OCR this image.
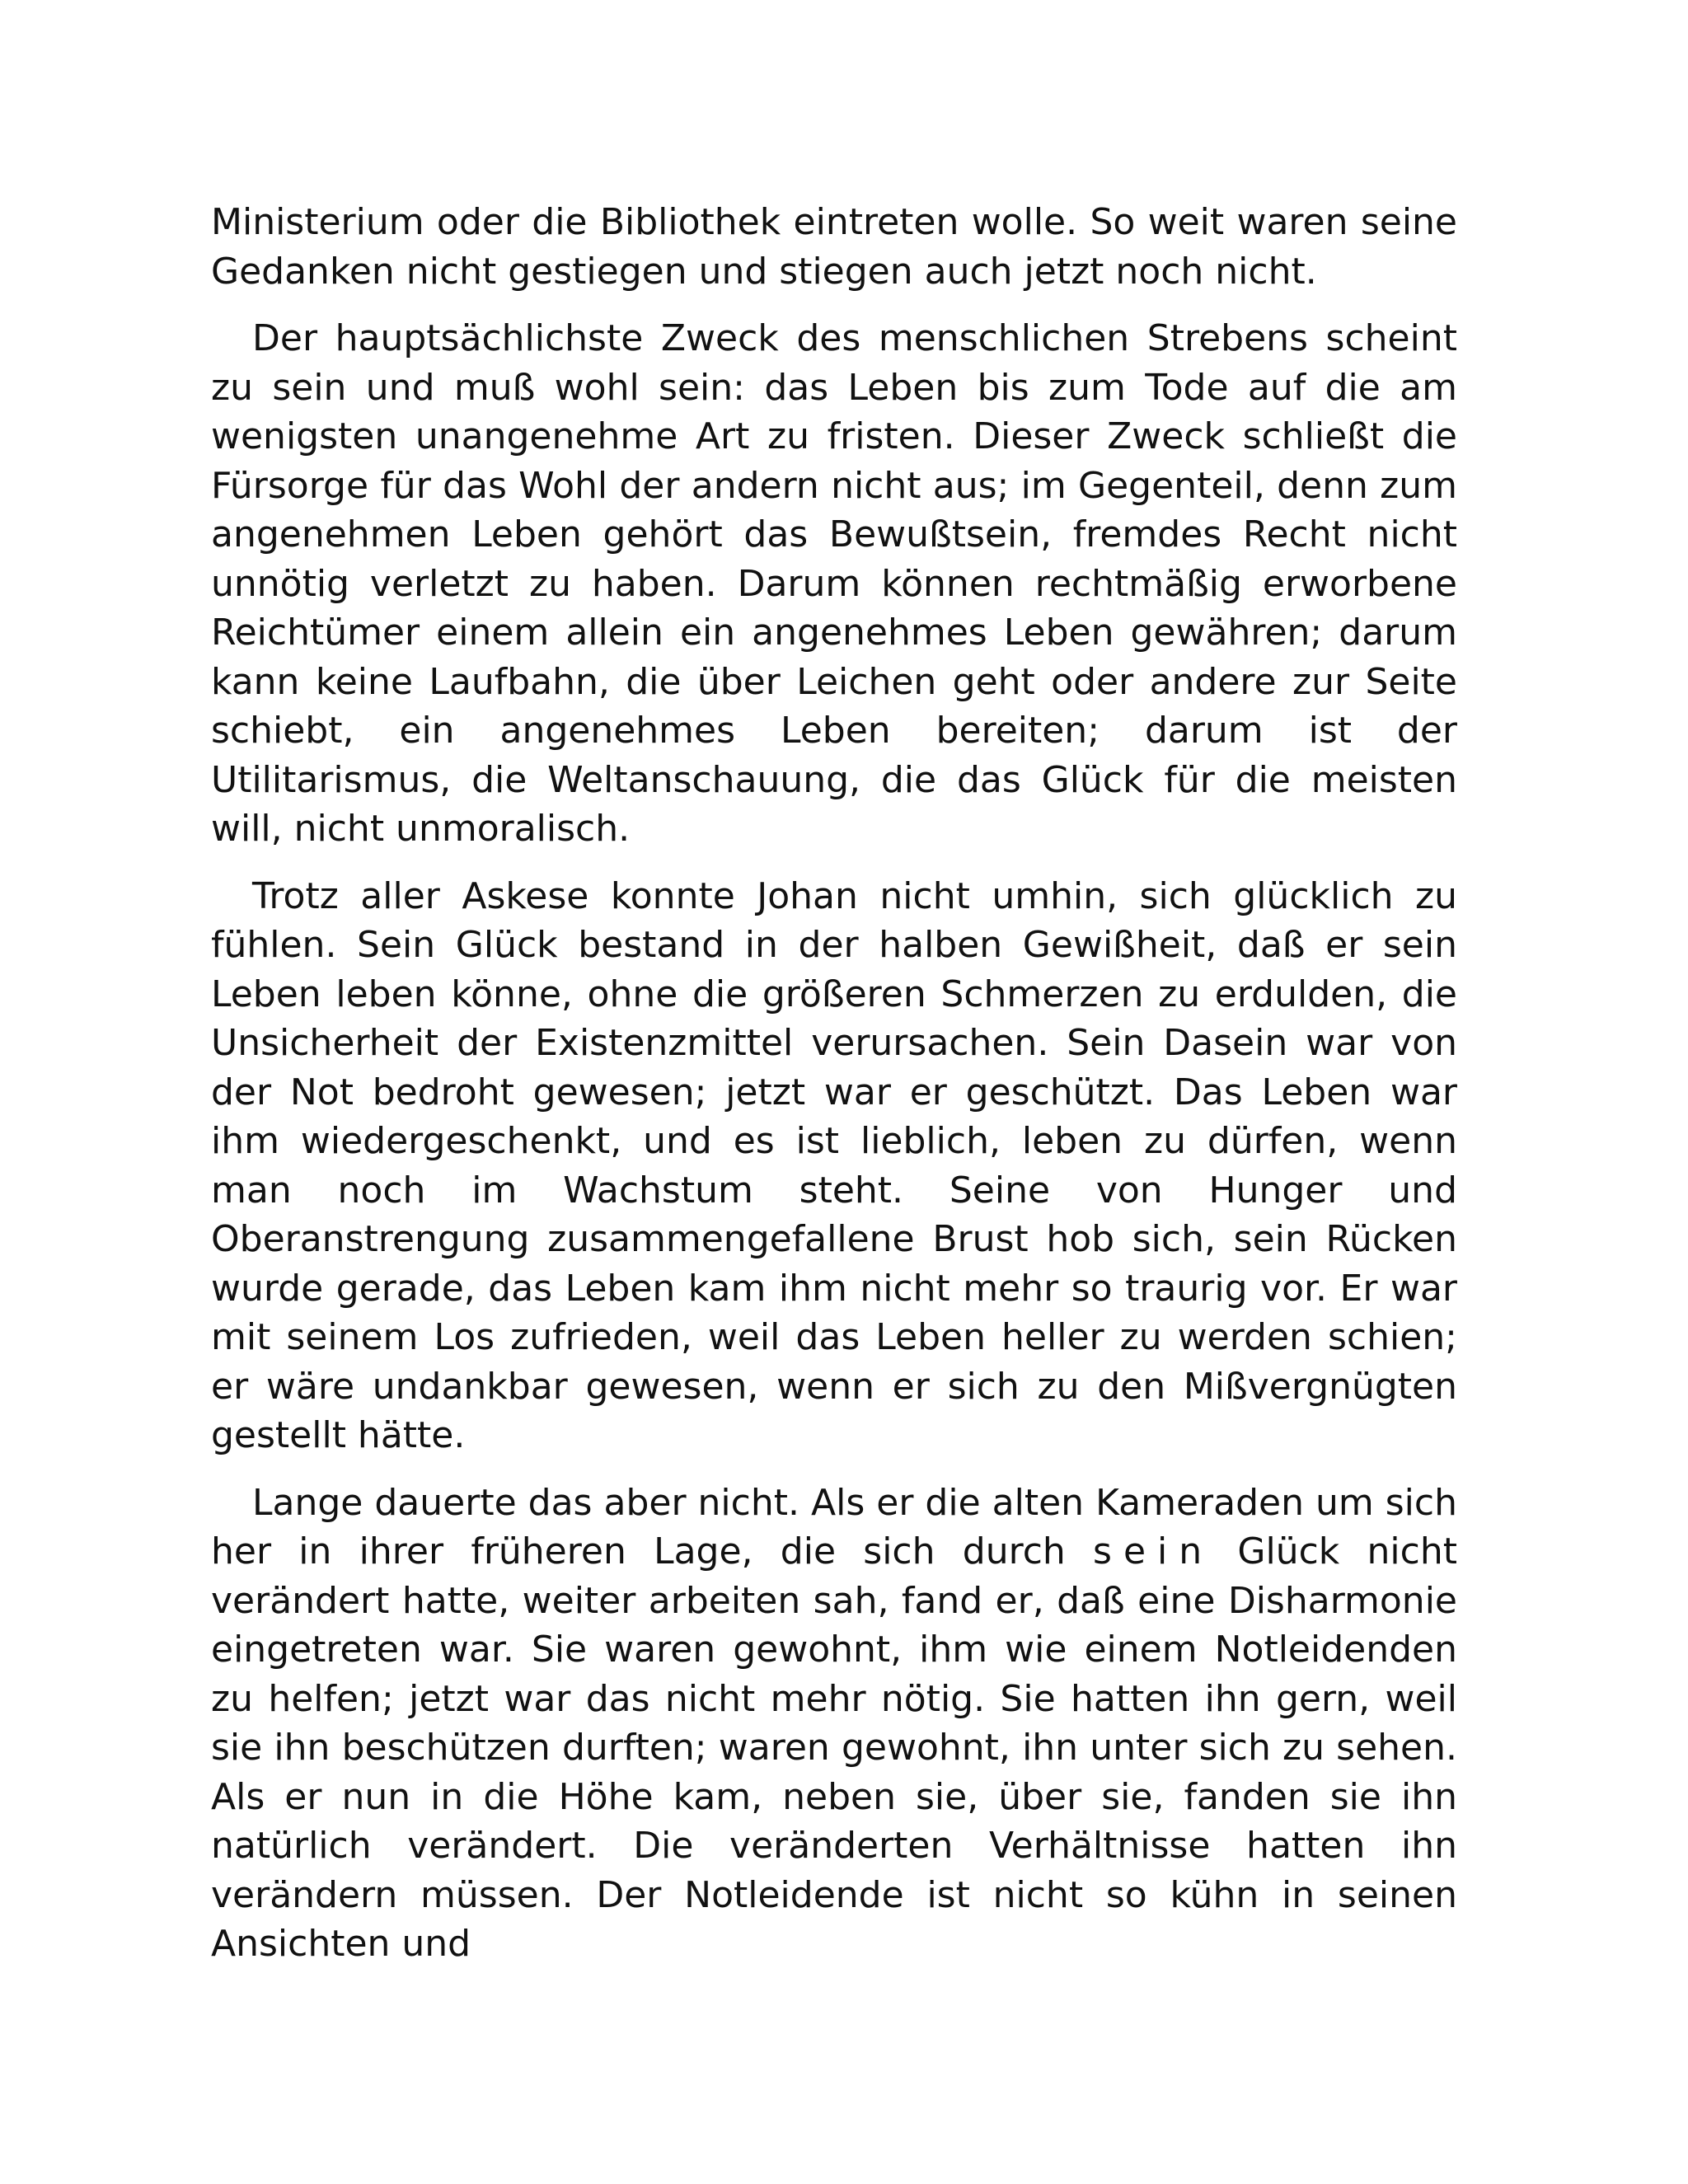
Ministerium oder die Bibliothek eintreten wolle. So weit waren seine Gedanken nicht gestiegen und stiegen auch jetzt noch nicht.

Der hauptsächlichste Zweck des menschlichen Strebens scheint zu sein und muß wohl sein: das Leben bis zum Tode auf die am wenigsten unangenehme Art zu fristen. Dieser Zweck schließt die Fürsorge für das Wohl der andern nicht aus; im Gegenteil, denn zum angenehmen Leben gehört das Bewußtsein, fremdes Recht nicht unnötig verletzt zu haben. Darum können rechtmäßig erworbene Reichtümer einem allein ein angenehmes Leben gewähren; darum kann keine Laufbahn, die über Leichen geht oder andere zur Seite schiebt, ein angenehmes Leben bereiten; darum ist der Utilitarismus, die Weltanschauung, die das Glück für die meisten will, nicht unmoralisch.

Trotz aller Askese konnte Johan nicht umhin, sich glücklich zu fühlen. Sein Glück bestand in der halben Gewißheit, daß er sein Leben leben könne, ohne die größeren Schmerzen zu erdulden, die Unsicherheit der Existenzmittel verursachen. Sein Dasein war von der Not bedroht gewesen; jetzt war er geschützt. Das Leben war ihm wiedergeschenkt, und es ist lieblich, leben zu dürfen, wenn man noch im Wachstum steht. Seine von Hunger und Oberanstrengung zusammengefallene Brust hob sich, sein Rücken wurde gerade, das Leben kam ihm nicht mehr so traurig vor. Er war mit seinem Los zufrieden, weil das Leben heller zu werden schien; er wäre undankbar gewesen, wenn er sich zu den Mißvergnügten gestellt hätte.

Lange dauerte das aber nicht. Als er die alten Kameraden um sich her in ihrer früheren Lage, die sich durch sein Glück nicht verändert hatte, weiter arbeiten sah, fand er, daß eine Disharmonie eingetreten war. Sie waren gewohnt, ihm wie einem Notleidenden zu helfen; jetzt war das nicht mehr nötig. Sie hatten ihn gern, weil sie ihn beschützen durften; waren gewohnt, ihn unter sich zu sehen. Als er nun in die Höhe kam, neben sie, über sie, fanden sie ihn natürlich verändert. Die veränderten Verhältnisse hatten ihn verändern müssen. Der Notleidende ist nicht so kühn in seinen Ansichten und
